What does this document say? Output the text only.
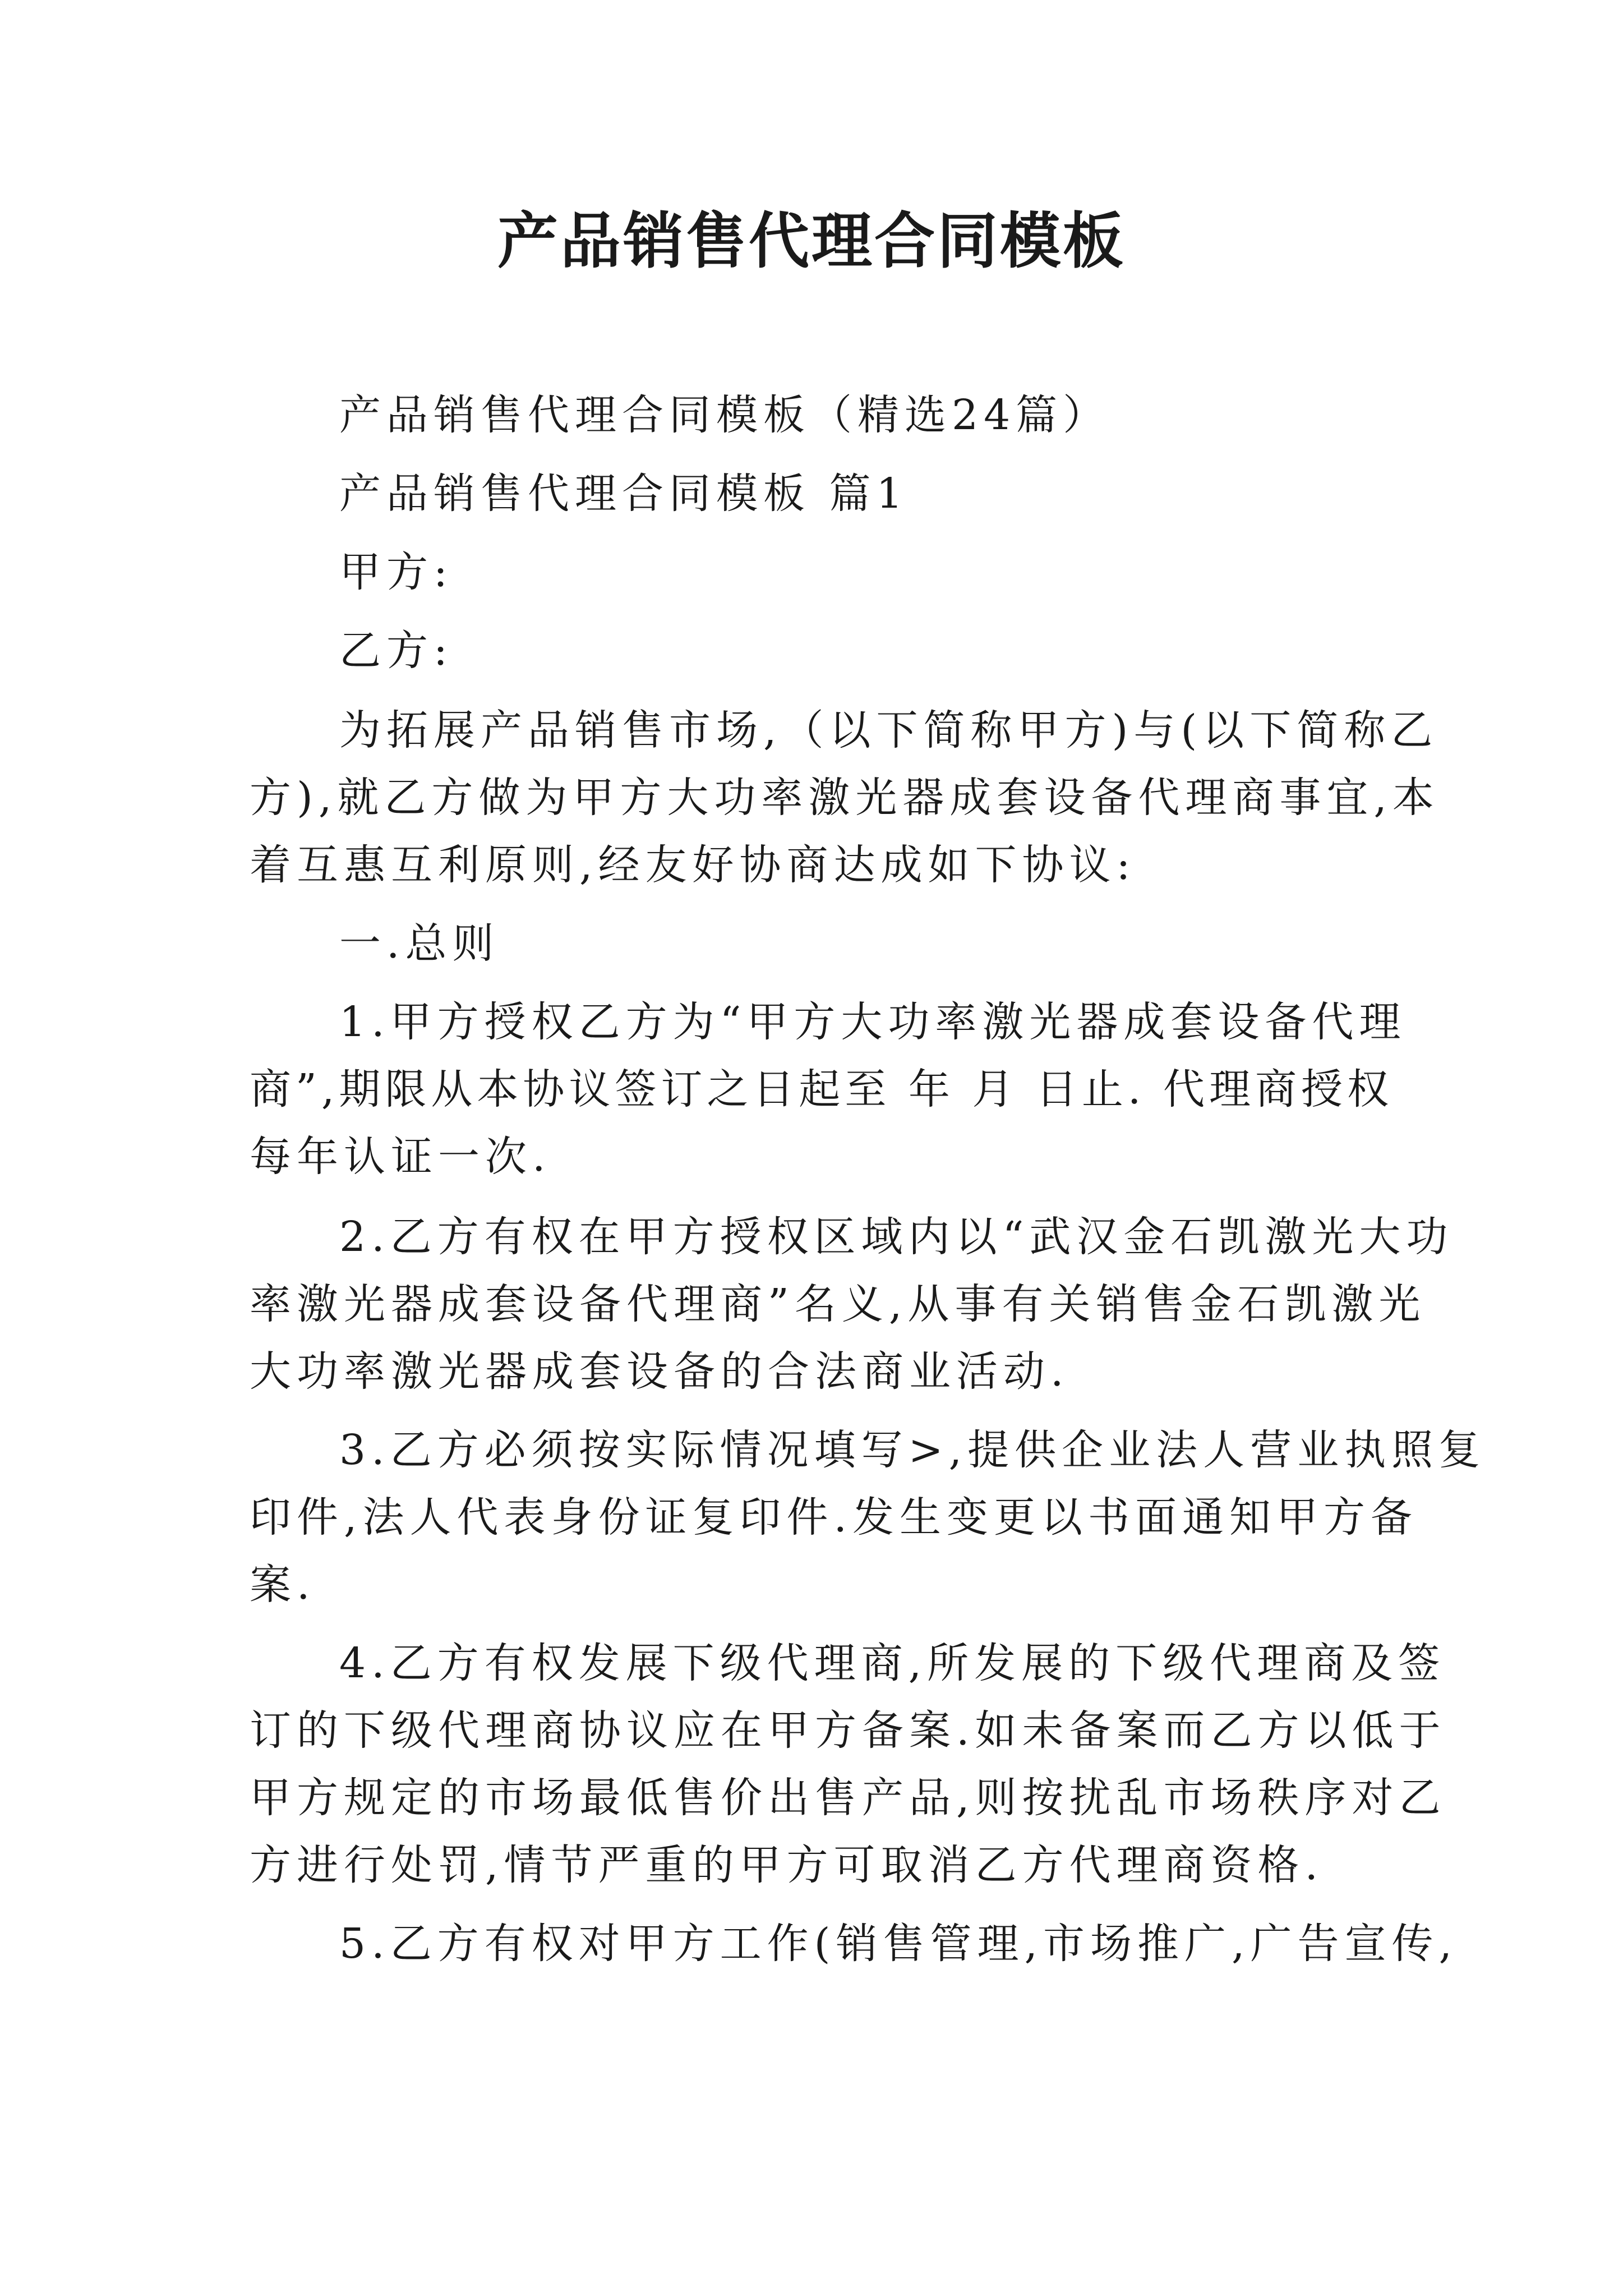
产品销售代理合同模板
产品销售代理合同模板（精选24篇）
产品销售代理合同模板 篇1
甲方:
乙方:
为拓展产品销售市场,（以下简称甲方)与(以下简称乙
方),就乙方做为甲方大功率激光器成套设备代理商事宜,本
着互惠互利原则,经友好协商达成如下协议:
一.总则
1.甲方授权乙方为“甲方大功率激光器成套设备代理
商”,期限从本协议签订之日起至 年 月 日止. 代理商授权
每年认证一次.
2.乙方有权在甲方授权区域内以“武汉金石凯激光大功
率激光器成套设备代理商”名义,从事有关销售金石凯激光
大功率激光器成套设备的合法商业活动.
3.乙方必须按实际情况填写>,提供企业法人营业执照复
印件,法人代表身份证复印件.发生变更以书面通知甲方备
案.
4.乙方有权发展下级代理商,所发展的下级代理商及签
订的下级代理商协议应在甲方备案.如未备案而乙方以低于
甲方规定的市场最低售价出售产品,则按扰乱市场秩序对乙
方进行处罚,情节严重的甲方可取消乙方代理商资格.
5.乙方有权对甲方工作(销售管理,市场推广,广告宣传,
